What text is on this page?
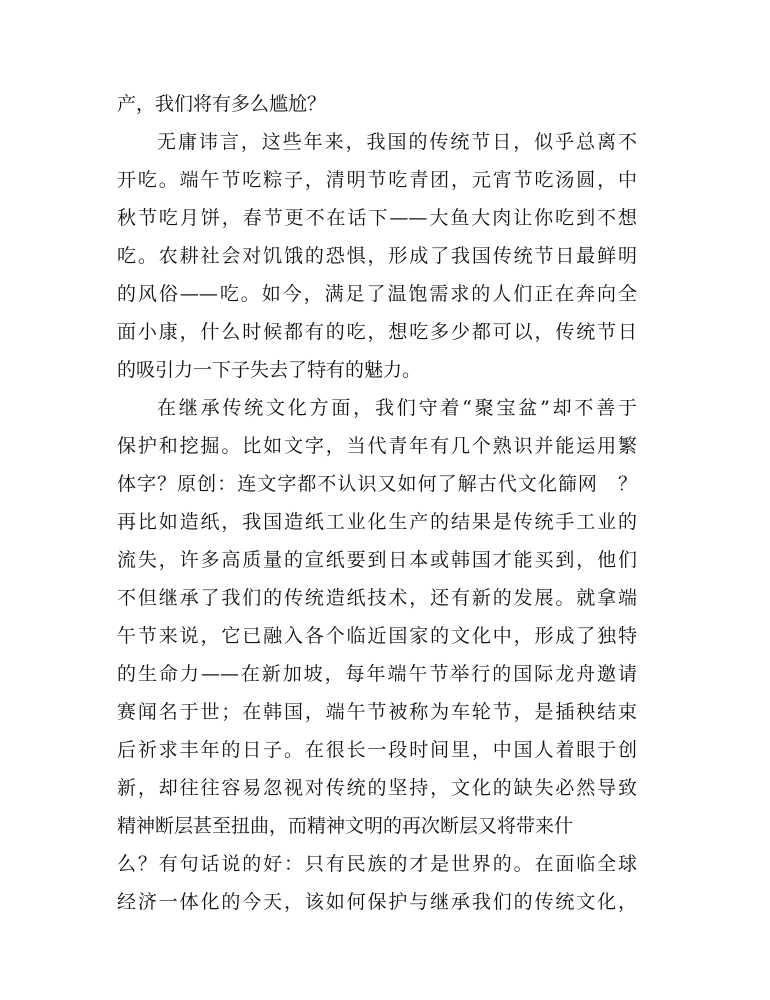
产，我们将有多么尴尬？
无庸讳言，这些年来，我国的传统节日，似乎总离不
开吃。端午节吃粽子，清明节吃青团，元宵节吃汤圆，中
秋节吃月饼，春节更不在话下——大鱼大肉让你吃到不想
吃。农耕社会对饥饿的恐惧，形成了我国传统节日最鲜明
的风俗——吃。如今，满足了温饱需求的人们正在奔向全
面小康，什么时候都有的吃，想吃多少都可以，传统节日
的吸引力一下子失去了特有的魅力。
在继承传统文化方面，我们守着“聚宝盆”却不善于
保护和挖掘。比如文字，当代青年有几个熟识并能运用繁
体字？原创：连文字都不认识又如何了解古代文化篩网　？
再比如造纸，我国造纸工业化生产的结果是传统手工业的
流失，许多高质量的宣纸要到日本或韩国才能买到，他们
不但继承了我们的传统造纸技术，还有新的发展。就拿端
午节来说，它已融入各个临近国家的文化中，形成了独特
的生命力——在新加坡，每年端午节举行的国际龙舟邀请
赛闻名于世；在韩国，端午节被称为车轮节，是插秧结束
后祈求丰年的日子。在很长一段时间里，中国人着眼于创
新，却往往容易忽视对传统的坚持，文化的缺失必然导致
精神断层甚至扭曲，而精神文明的再次断层又将带来什
么？有句话说的好：只有民族的才是世界的。在面临全球
经济一体化的今天，该如何保护与继承我们的传统文化，
